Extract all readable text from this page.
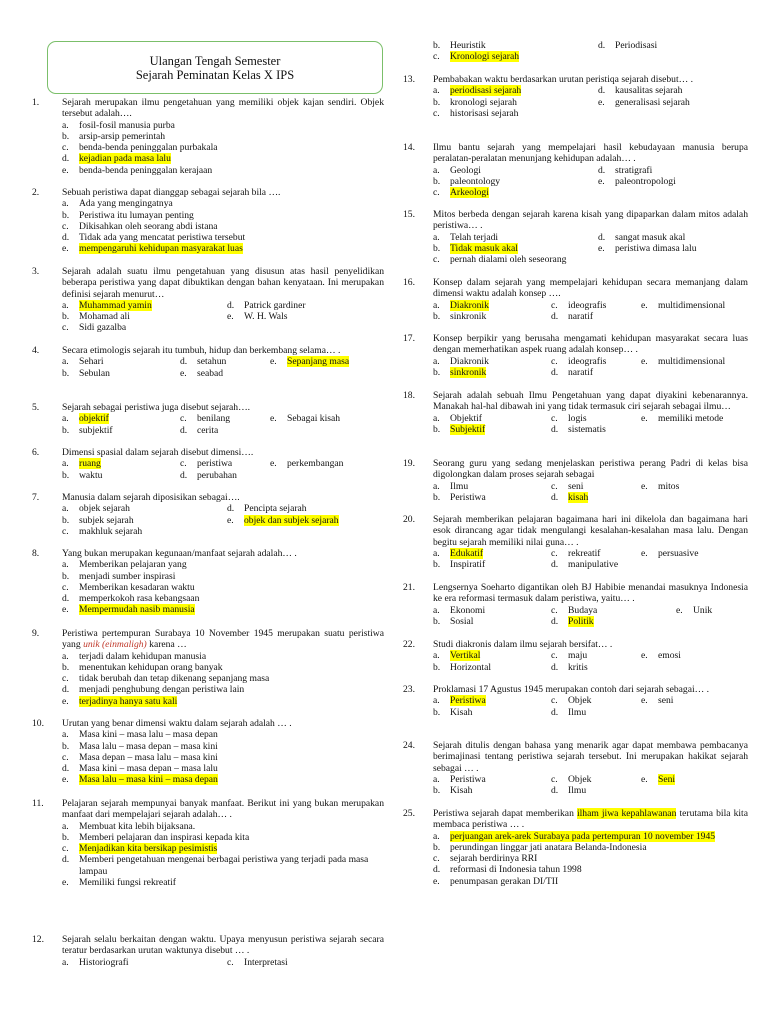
Ulangan Tengah Semester
Sejarah Peminatan Kelas X IPS
1. Sejarah merupakan ilmu pengetahuan yang memiliki objek kajan sendiri. Objek tersebut adalah….
a. fosil-fosil manusia purba
b. arsip-arsip pemerintah
c. benda-benda peninggalan purbakala
d. kejadian pada masa lalu
e. benda-benda peninggalan kerajaan
2. Sebuah peristiwa dapat dianggap sebagai sejarah bila ….
a. Ada yang mengingatnya
b. Peristiwa itu lumayan penting
c. Dikisahkan oleh seorang abdi istana
d. Tidak ada yang mencatat peristiwa tersebut
e. mempengaruhi kehidupan masyarakat luas
3. Sejarah adalah suatu ilmu pengetahuan yang disusun atas hasil penyelidikan beberapa peristiwa yang dapat dibuktikan dengan bahan kenyataan. Ini merupakan definisi sejarah menurut…
a. Muhammad yamin	d. Patrick gardiner
b. Mohamad ali	e. W. H. Wals
c. Sidi gazalba
4. Secara etimologis sejarah itu tumbuh, hidup dan berkembang selama… .
a. Sehari	d. setahun	e. Sepanjang masa
b. Sebulan	e. seabad
5. Sejarah sebagai peristiwa juga disebut sejarah….
a. objektif	c. benilang	e. Sebagai kisah
b. subjektif	d. cerita
6. Dimensi spasial dalam sejarah disebut dimensi….
a. ruang	c. peristiwa	e. perkembangan
b. waktu	d. perubahan
7. Manusia dalam sejarah diposisikan sebagai….
a. objek sejarah	d. Pencipta sejarah
b. subjek sejarah	e. objek dan subjek sejarah
c. makhluk sejarah
8. Yang bukan merupakan kegunaan/manfaat sejarah adalah… .
a. Memberikan pelajaran yang
b. menjadi sumber inspirasi
c. Memberikan kesadaran waktu
d. memperkokoh rasa kebangsaan
e. Mempermudah nasib manusia
9. Peristiwa pertempuran Surabaya 10 November 1945 merupakan suatu peristiwa yang unik (einmaligh) karena …
a. terjadi dalam kehidupan manusia
b. menentukan kehidupan orang banyak
c. tidak berubah dan tetap dikenang sepanjang masa
d. menjadi penghubung dengan peristiwa lain
e. terjadinya hanya satu kali
10. Urutan yang benar dimensi waktu dalam sejarah adalah … .
a. Masa kini – masa lalu – masa depan
b. Masa lalu – masa depan – masa kini
c. Masa depan – masa lalu – masa kini
d. Masa kini – masa depan – masa lalu
e. Masa lalu – masa kini – masa depan
11. Pelajaran sejarah mempunyai banyak manfaat. Berikut ini yang bukan merupakan manfaat dari mempelajari sejarah adalah… .
a. Membuat kita lebih bijaksana.
b. Memberi pelajaran dan inspirasi kepada kita
c. Menjadikan kita bersikap pesimistis
d.	Memberi pengetahuan mengenai berbagai peristiwa yang terjadi pada masa lampau
e. Memiliki fungsi rekreatif
12. Sejarah selalu berkaitan dengan waktu. Upaya menyusun peristiwa sejarah secara teratur berdasarkan urutan waktunya disebut … .
a. Historiografi	c. Interpretasi
b. Heuristik	d. Periodisasi
c. Kronologi sejarah
13. Pembabakan waktu berdasarkan urutan peristiqa sejarah disebut… .
a. periodisasi sejarah	d. kausalitas sejarah
b. kronologi sejarah	e. generalisasi sejarah
c. historisasi sejarah
14. Ilmu bantu sejarah yang mempelajari hasil kebudayaan manusia berupa peralatan-peralatan menunjang kehidupan adalah… .
a. Geologi	d. stratigrafi
b. paleontology	e. paleontropologi
c. Arkeologi
15. Mitos berbeda dengan sejarah karena kisah yang dipaparkan dalam mitos adalah peristiwa… .
a. Telah terjadi	d. sangat masuk akal
b. Tidak masuk akal	e. peristiwa dimasa lalu
c. pernah dialami oleh seseorang
16. Konsep dalam sejarah yang mempelajari kehidupan secara memanjang dalam dimensi waktu adalah konsep ….
a. Diakronik	c. ideografis	e. multidimensional
b. sinkronik	d. naratif
17. Konsep berpikir yang berusaha mengamati kehidupan masyarakat secara luas dengan memerhatikan aspek ruang adalah konsep… .
a. Diakronik	c. ideografis	e. multidimensional
b. sinkronik	d. naratif
18. Sejarah adalah sebuah Ilmu Pengetahuan yang dapat diyakini kebenarannya. Manakah hal-hal dibawah ini yang tidak termasuk ciri sejarah sebagai ilmu…
a. Objektif	c. logis	e. memiliki metode
b. Subjektif	d. sistematis
19. Seorang guru yang sedang menjelaskan peristiwa perang Padri di kelas bisa digolongkan dalam proses sejarah sebagai
a. Ilmu	c. seni	e. mitos
b. Peristiwa	d. kisah
20. Sejarah memberikan pelajaran bagaimana hari ini dikelola dan bagaimana hari esok dirancang agar tidak mengulangi kesalahan-kesalahan masa lalu. Dengan begitu sejarah memiliki nilai guna… .
a. Edukatif	c. rekreatif	e. persuasive
b. Inspiratif	d. manipulative
21. Lengsernya Soeharto digantikan oleh BJ Habibie menandai masuknya Indonesia ke era reformasi termasuk dalam peristiwa, yaitu… .
a. Ekonomi	c. Budaya	e. Unik
b. Sosial	d. Politik
22. Studi diakronis dalam ilmu sejarah bersifat… .
a. Vertikal	c. maju	e. emosi
b. Horizontal	d. kritis
23. Proklamasi 17 Agustus 1945 merupakan contoh dari sejarah sebagai… .
a. Peristiwa	c. Objek	e. seni
b. Kisah	d. Ilmu
24. Sejarah ditulis dengan bahasa yang menarik agar dapat membawa pembacanya berimajinasi tentang peristiwa sejarah tersebut. Ini merupakan hakikat sejarah sebagai … .
a. Peristiwa	c. Objek	e. Seni
b. Kisah	d. Ilmu
25. Peristiwa sejarah dapat memberikan ilham jiwa kepahlawanan terutama bila kita membaca peristiwa … .
a.	perjuangan arek-arek Surabaya pada pertempuran 10 november 1945
b. perundingan linggar jati anatara Belanda-Indonesia
c. sejarah berdirinya RRI
d. reformasi di Indonesia tahun 1998
e. penumpasan gerakan DI/TII
